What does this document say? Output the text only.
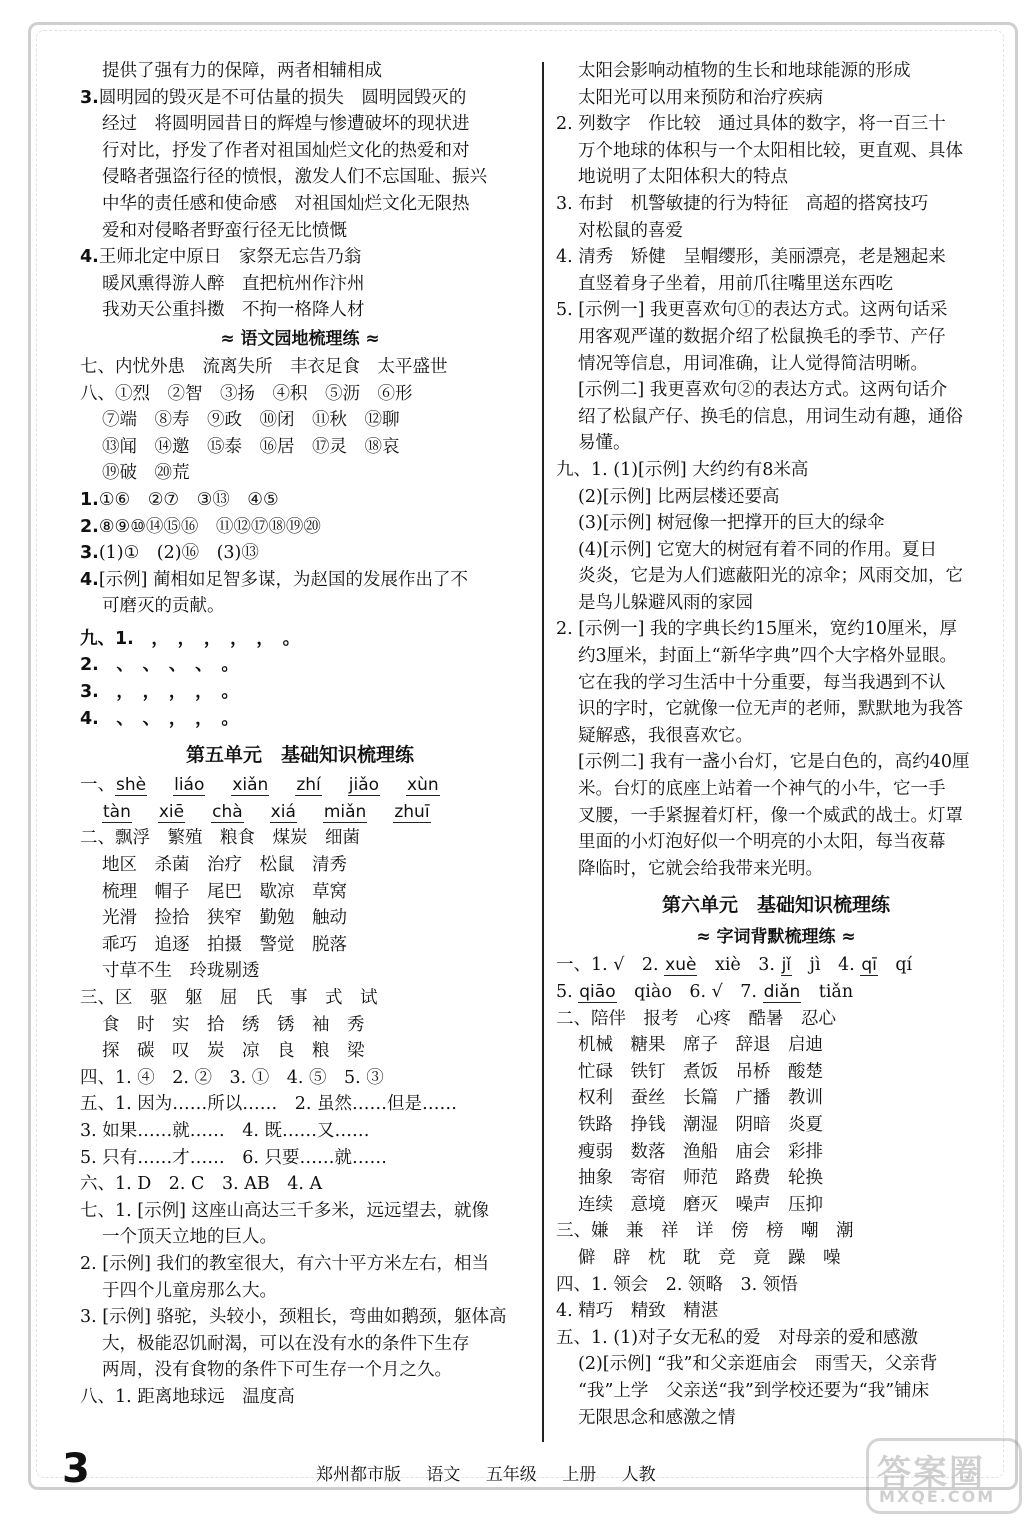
提供了强有力的保障，两者相辅相成
3.圆明园的毁灭是不可估量的损失　圆明园毁灭的
经过　将圆明园昔日的辉煌与惨遭破坏的现状进
行对比，抒发了作者对祖国灿烂文化的热爱和对
侵略者强盗行径的愤恨，激发人们不忘国耻、振兴
中华的责任感和使命感　对祖国灿烂文化无限热
爱和对侵略者野蛮行径无比愤慨
4.王师北定中原日　家祭无忘告乃翁
暖风熏得游人醉　直把杭州作汴州
我劝天公重抖擞　不拘一格降人材
≈ 语文园地梳理练 ≈
七、内忧外患　流离失所　丰衣足食　太平盛世
八、①烈　②智　③扬　④积　⑤沥　⑥形
⑦端　⑧寿　⑨政　⑩闭　⑪秋　⑫聊
⑬闻　⑭邀　⑮泰　⑯居　⑰灵　⑱哀
⑲破　⑳荒
1.①⑥　②⑦　③⑬　④⑤
2.⑧⑨⑩⑭⑮⑯　⑪⑫⑰⑱⑲⑳
3.(1)①　(2)⑯　(3)⑬
4.[示例] 蔺相如足智多谋，为赵国的发展作出了不
可磨灭的贡献。
九、1.　，　，　，　，　，　。
2.　、　、　、　、　。
3.　，　，　，　，　。
4.　、　、　，　，　。
第五单元　基础知识梳理练
一、shè liáo xiǎn zhí jiǎo xùn
tàn xiē chà xiá miǎn zhuī
二、飘浮　繁殖　粮食　煤炭　细菌
地区　杀菌　治疗　松鼠　清秀
梳理　帽子　尾巴　歇凉　草窝
光滑　捡拾　狭窄　勤勉　触动
乖巧　追逐　拍摄　警觉　脱落
寸草不生　玲珑剔透
三、区　驱　躯　屈　氏　事　式　试
食　时　实　拾　绣　锈　袖　秀
探　碳　叹　炭　凉　良　粮　梁
四、1. ④　2. ②　3. ①　4. ⑤　5. ③
五、1. 因为……所以……　2. 虽然……但是……
3. 如果……就……　4. 既……又……
5. 只有……才……　6. 只要……就……
六、1. D　2. C　3. AB　4. A
七、1. [示例] 这座山高达三千多米，远远望去，就像
一个顶天立地的巨人。
2. [示例] 我们的教室很大，有六十平方米左右，相当
于四个儿童房那么大。
3. [示例] 骆驼，头较小，颈粗长，弯曲如鹅颈，躯体高
大，极能忍饥耐渴，可以在没有水的条件下生存
两周，没有食物的条件下可生存一个月之久。
八、1. 距离地球远　温度高
太阳会影响动植物的生长和地球能源的形成
太阳光可以用来预防和治疗疾病
2. 列数字　作比较　通过具体的数字，将一百三十
万个地球的体积与一个太阳相比较，更直观、具体
地说明了太阳体积大的特点
3. 布封　机警敏捷的行为特征　高超的搭窝技巧
对松鼠的喜爱
4. 清秀　矫健　呈帽缨形，美丽漂亮，老是翘起来
直竖着身子坐着，用前爪往嘴里送东西吃
5. [示例一] 我更喜欢句①的表达方式。这两句话采
用客观严谨的数据介绍了松鼠换毛的季节、产仔
情况等信息，用词准确，让人觉得简洁明晰。
[示例二] 我更喜欢句②的表达方式。这两句话介
绍了松鼠产仔、换毛的信息，用词生动有趣，通俗
易懂。
九、1. (1)[示例] 大约约有8米高
(2)[示例] 比两层楼还要高
(3)[示例] 树冠像一把撑开的巨大的绿伞
(4)[示例] 它宽大的树冠有着不同的作用。夏日
炎炎，它是为人们遮蔽阳光的凉伞；风雨交加，它
是鸟儿躲避风雨的家园
2. [示例一] 我的字典长约15厘米，宽约10厘米，厚
约3厘米，封面上“新华字典”四个大字格外显眼。
它在我的学习生活中十分重要，每当我遇到不认
识的字时，它就像一位无声的老师，默默地为我答
疑解惑，我很喜欢它。
[示例二] 我有一盏小台灯，它是白色的，高约40厘
米。台灯的底座上站着一个神气的小牛，它一手
叉腰，一手紧握着灯杆，像一个威武的战士。灯罩
里面的小灯泡好似一个明亮的小太阳，每当夜幕
降临时，它就会给我带来光明。
第六单元　基础知识梳理练
≈ 字词背默梳理练 ≈
一、1. √　2. xuè　 xiè　3. jǐ　 jì　4. qī　 qí
5. qiāo　 qiào　6. √　7. diǎn　 tiǎn
二、陪伴　报考　心疼　酷暑　忍心
机械　糖果　席子　辞退　启迪
忙碌　铁钉　煮饭　吊桥　酸楚
权利　蚕丝　长篇　广播　教训
铁路　挣钱　潮湿　阴暗　炎夏
瘦弱　数落　渔船　庙会　彩排
抽象　寄宿　师范　路费　轮换
连续　意境　磨灭　噪声　压抑
三、嫌　兼　祥　详　傍　榜　嘲　潮
僻　辟　枕　耽　竞　竟　躁　噪
四、1. 领会　2. 领略　3. 领悟
4. 精巧　精致　精湛
五、1. (1)对子女无私的爱　对母亲的爱和感激
(2)[示例] “我”和父亲逛庙会　雨雪天，父亲背
“我”上学　父亲送“我”到学校还要为“我”铺床
无限思念和感激之情
3	郑州都市版 语文 五年级 上册 人教	答案圈
MXQE.COM
